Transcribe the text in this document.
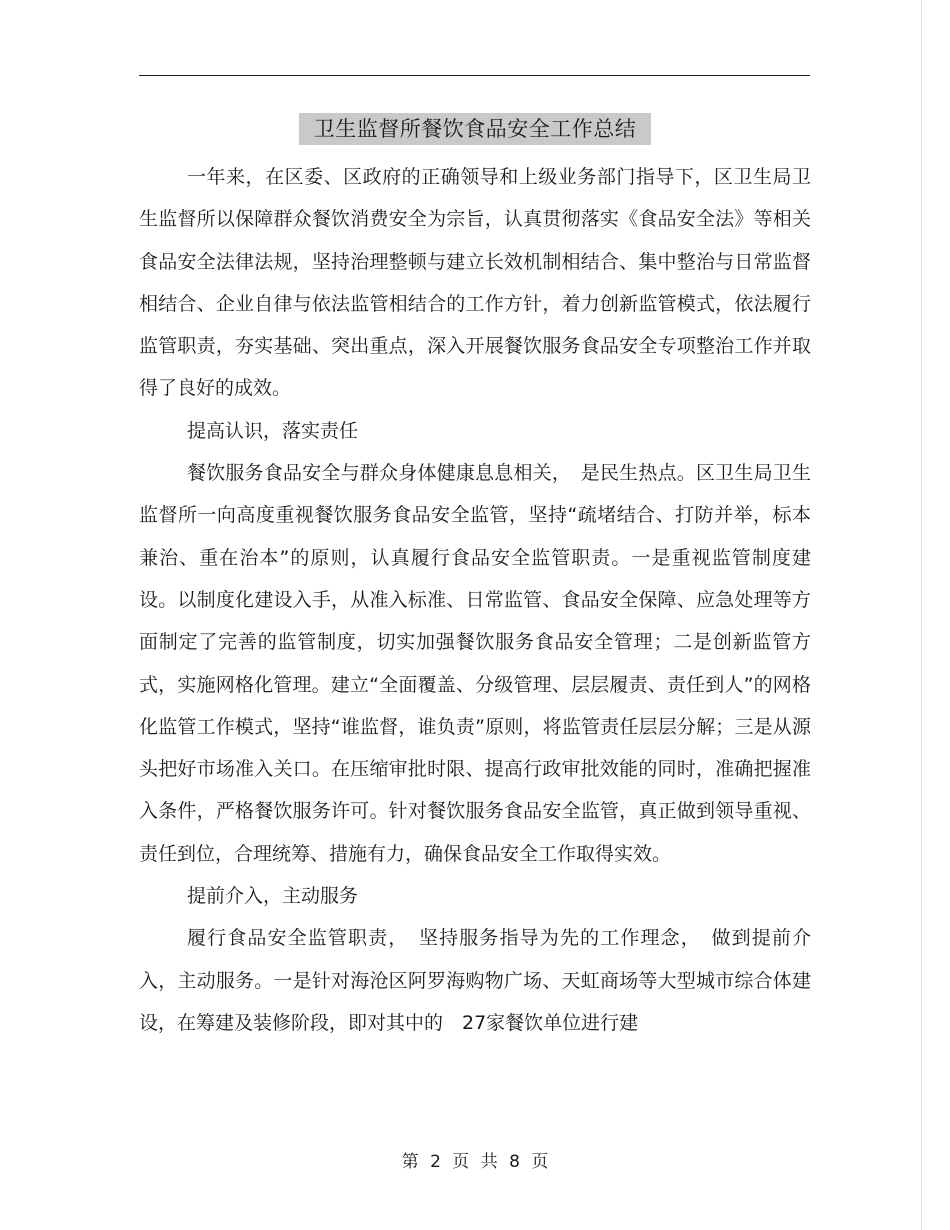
卫生监督所餐饮食品安全工作总结

一年来，在区委、区政府的正确领导和上级业务部门指导下，区卫生局卫生监督所以保障群众餐饮消费安全为宗旨，认真贯彻落实《食品安全法》等相关食品安全法律法规，坚持治理整顿与建立长效机制相结合、集中整治与日常监督相结合、企业自律与依法监管相结合的工作方针，着力创新监管模式，依法履行监管职责，夯实基础、突出重点，深入开展餐饮服务食品安全专项整治工作并取得了良好的成效。

提高认识，落实责任

餐饮服务食品安全与群众身体健康息息相关，　是民生热点。区卫生局卫生监督所一向高度重视餐饮服务食品安全监管，坚持“疏堵结合、打防并举，标本兼治、重在治本”的原则，认真履行食品安全监管职责。一是重视监管制度建设。以制度化建设入手，从准入标准、日常监管、食品安全保障、应急处理等方面制定了完善的监管制度，切实加强餐饮服务食品安全管理；二是创新监管方式，实施网格化管理。建立“全面覆盖、分级管理、层层履责、责任到人”的网格化监管工作模式，坚持“谁监督，谁负责”原则，将监管责任层层分解；三是从源头把好市场准入关口。在压缩审批时限、提高行政审批效能的同时，准确把握准入条件，严格餐饮服务许可。针对餐饮服务食品安全监管，真正做到领导重视、责任到位，合理统筹、措施有力，确保食品安全工作取得实效。

提前介入，主动服务

履行食品安全监管职责，　坚持服务指导为先的工作理念，　做到提前介入，主动服务。一是针对海沧区阿罗海购物广场、天虹商场等大型城市综合体建设，在筹建及装修阶段，即对其中的　27家餐饮单位进行建

第 2 页 共 8 页
